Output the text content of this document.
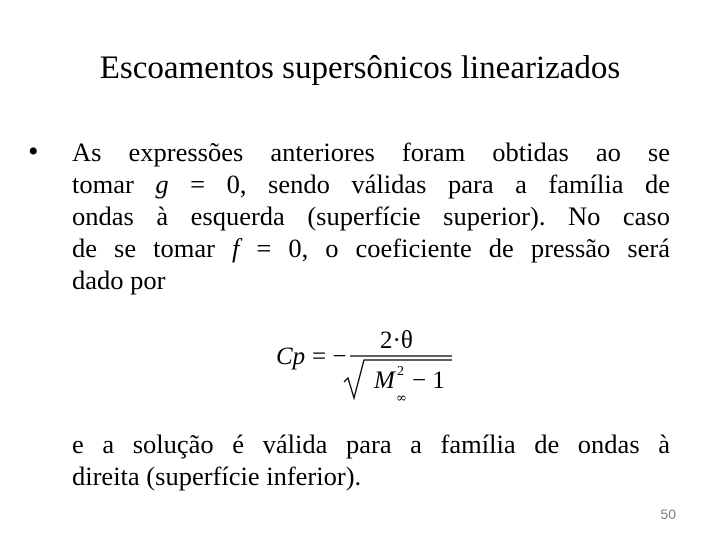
Escoamentos supersônicos linearizados
• As expressões anteriores foram obtidas ao se
tomar g = 0, sendo válidas para a família de
ondas à esquerda (superfície superior). No caso
de se tomar f = 0, o coeficiente de pressão será
dado por
Cp = −
2·θ
M 2
∞
− 1
e a solução é válida para a família de ondas à
direita (superfície inferior).
50
